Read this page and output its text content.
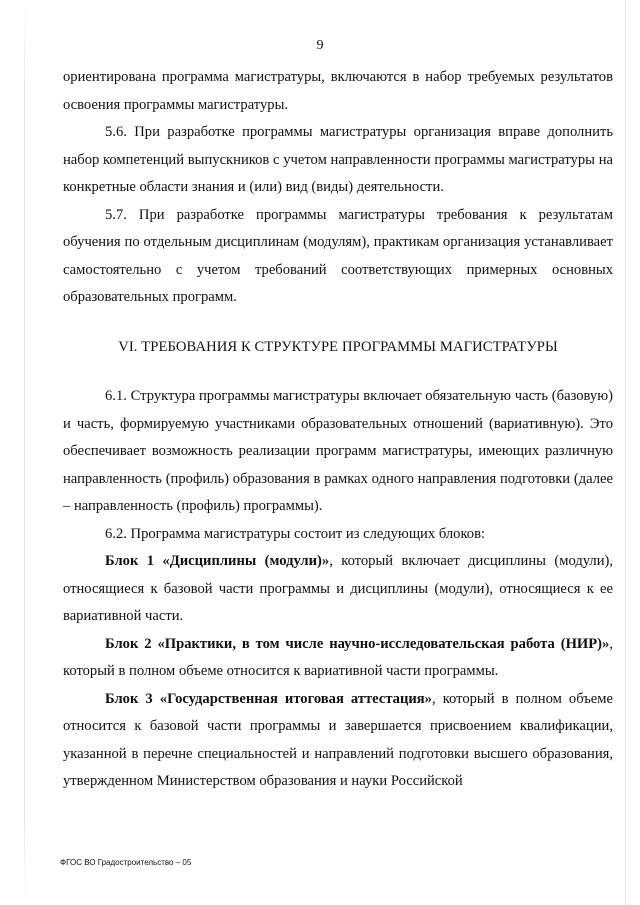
9

ориентирована программа магистратуры, включаются в набор требуемых результатов освоения программы магистратуры.

5.6. При разработке программы магистратуры организация вправе дополнить набор компетенций выпускников с учетом направленности программы магистратуры на конкретные области знания и (или) вид (виды) деятельности.

5.7. При разработке программы магистратуры требования к результатам обучения по отдельным дисциплинам (модулям), практикам организация устанавливает самостоятельно с учетом требований соответствующих примерных основных образовательных программ.

VI. ТРЕБОВАНИЯ К СТРУКТУРЕ ПРОГРАММЫ МАГИСТРАТУРЫ

6.1. Структура программы магистратуры включает обязательную часть (базовую) и часть, формируемую участниками образовательных отношений (вариативную). Это обеспечивает возможность реализации программ магистратуры, имеющих различную направленность (профиль) образования в рамках одного направления подготовки (далее – направленность (профиль) программы).

6.2. Программа магистратуры состоит из следующих блоков:

Блок 1 «Дисциплины (модули)», который включает дисциплины (модули), относящиеся к базовой части программы и дисциплины (модули), относящиеся к ее вариативной части.

Блок 2 «Практики, в том числе научно-исследовательская работа (НИР)», который в полном объеме относится к вариативной части программы.

Блок 3 «Государственная итоговая аттестация», который в полном объеме относится к базовой части программы и завершается присвоением квалификации, указанной в перечне специальностей и направлений подготовки высшего образования, утвержденном Министерством образования и науки Российской

ФГОС ВО Градостроительство – 05
